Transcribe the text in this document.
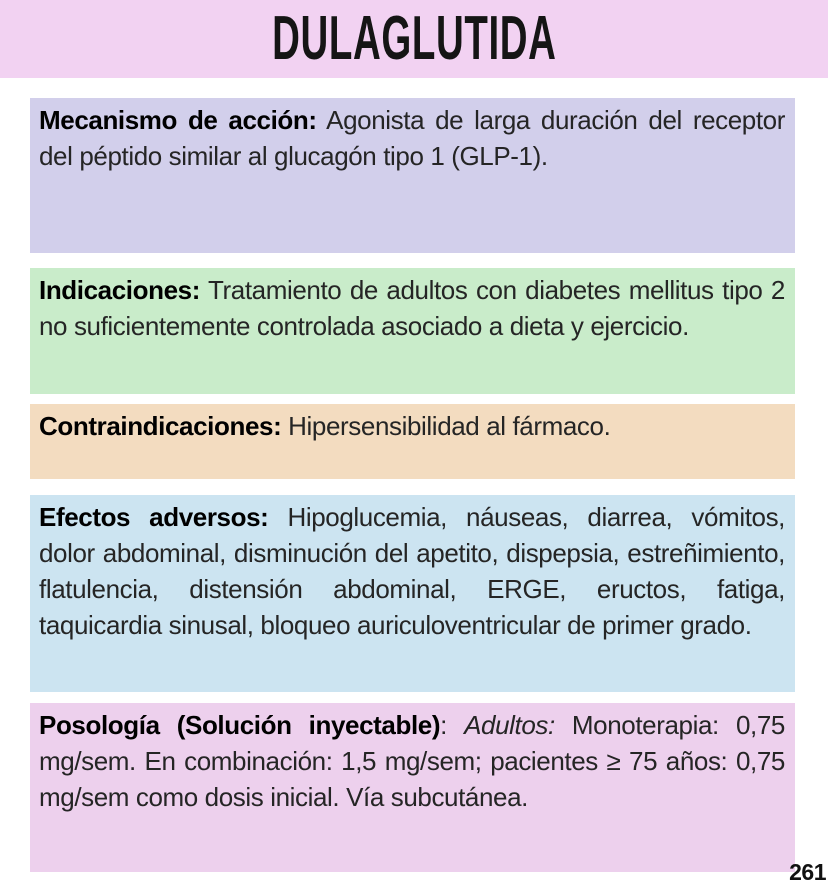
DULAGLUTIDA
Mecanismo de acción: Agonista de larga duración del receptor del péptido similar al glucagón tipo 1 (GLP-1).
Indicaciones: Tratamiento de adultos con diabetes mellitus tipo 2 no suficientemente controlada asociado a dieta y ejercicio.
Contraindicaciones: Hipersensibilidad al fármaco.
Efectos adversos: Hipoglucemia, náuseas, diarrea, vómitos, dolor abdominal, disminución del apetito, dispepsia, estreñimiento, flatulencia, distensión abdominal, ERGE, eructos, fatiga, taquicardia sinusal, bloqueo auriculoventricular de primer grado.
Posología (Solución inyectable): Adultos: Monoterapia: 0,75 mg/sem. En combinación: 1,5 mg/sem; pacientes ≥ 75 años: 0,75 mg/sem como dosis inicial. Vía subcutánea.
261
